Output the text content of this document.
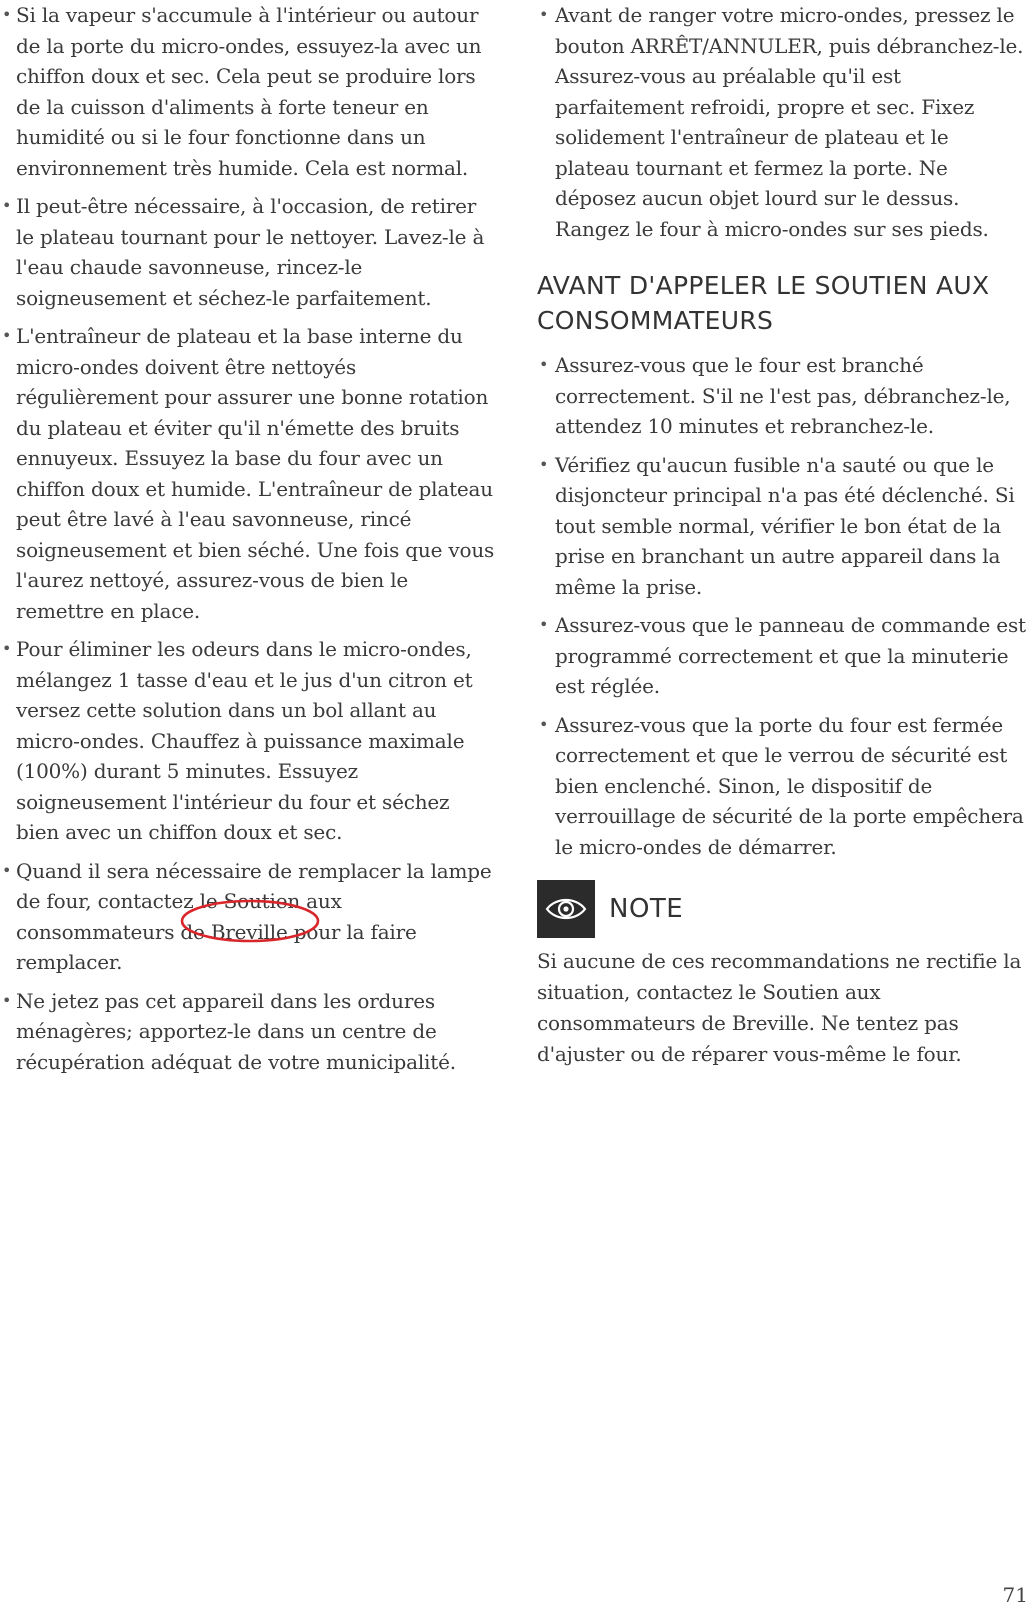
• Si la vapeur s'accumule à l'intérieur ou autour de la porte du micro-ondes, essuyez-la avec un chiffon doux et sec. Cela peut se produire lors de la cuisson d'aliments à forte teneur en humidité ou si le four fonctionne dans un environnement très humide. Cela est normal.
• Il peut-être nécessaire, à l'occasion, de retirer le plateau tournant pour le nettoyer. Lavez-le à l'eau chaude savonneuse, rincez-le soigneusement et séchez-le parfaitement.
• L'entraîneur de plateau et la base interne du micro-ondes doivent être nettoyés régulièrement pour assurer une bonne rotation du plateau et éviter qu'il n'émette des bruits ennuyeux. Essuyez la base du four avec un chiffon doux et humide. L'entraîneur de plateau peut être lavé à l'eau savonneuse, rincé soigneusement et bien séché. Une fois que vous l'aurez nettoyé, assurez-vous de bien le remettre en place.
• Pour éliminer les odeurs dans le micro-ondes, mélangez 1 tasse d'eau et le jus d'un citron et versez cette solution dans un bol allant au micro-ondes. Chauffez à puissance maximale (100%) durant 5 minutes. Essuyez soigneusement l'intérieur du four et séchez bien avec un chiffon doux et sec.
• Quand il sera nécessaire de remplacer la lampe de four, contactez le Soutien aux consommateurs de Breville pour la faire remplacer.
• Ne jetez pas cet appareil dans les ordures ménagères; apportez-le dans un centre de récupération adéquat de votre municipalité.
• Avant de ranger votre micro-ondes, pressez le bouton ARRÊT/ANNULER, puis débranchez-le. Assurez-vous au préalable qu'il est parfaitement refroidi, propre et sec. Fixez solidement l'entraîneur de plateau et le plateau tournant et fermez la porte. Ne déposez aucun objet lourd sur le dessus. Rangez le four à micro-ondes sur ses pieds.
AVANT D'APPELER LE SOUTIEN AUX CONSOMMATEURS
• Assurez-vous que le four est branché correctement. S'il ne l'est pas, débranchez-le, attendez 10 minutes et rebranchez-le.
• Vérifiez qu'aucun fusible n'a sauté ou que le disjoncteur principal n'a pas été déclenché. Si tout semble normal, vérifier le bon état de la prise en branchant un autre appareil dans la même la prise.
• Assurez-vous que le panneau de commande est programmé correctement et que la minuterie est réglée.
• Assurez-vous que la porte du four est fermée correctement et que le verrou de sécurité est bien enclenché. Sinon, le dispositif de verrouillage de sécurité de la porte empêchera le micro-ondes de démarrer.
NOTE
Si aucune de ces recommandations ne rectifie la situation, contactez le Soutien aux consommateurs de Breville. Ne tentez pas d'ajuster ou de réparer vous-même le four.
71
